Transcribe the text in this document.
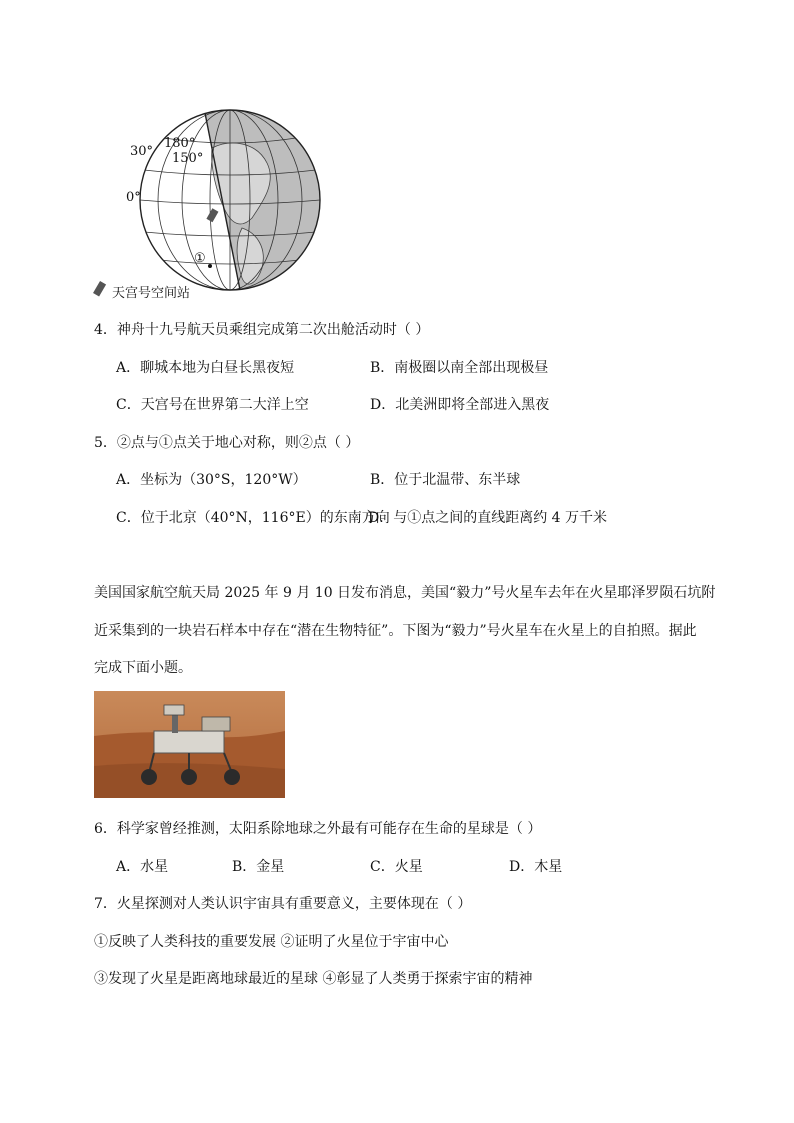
30°
180°
150°
0°
①
天宫号空间站
4．神舟十九号航天员乘组完成第二次出舱活动时（ ）
A．聊城本地为白昼长黑夜短	B．南极圈以南全部出现极昼
C．天宫号在世界第二大洋上空	D．北美洲即将全部进入黑夜
5．②点与①点关于地心对称，则②点（ ）
A．坐标为（30°S，120°W）	B．位于北温带、东半球
C．位于北京（40°N，116°E）的东南方向
D．与①点之间的直线距离约 4 万千米
美国国家航空航天局 2025 年 9 月 10 日发布消息，美国“毅力”号火星车去年在火星耶泽罗陨石坑附
近采集到的一块岩石样本中存在“潜在生物特征”。下图为“毅力”号火星车在火星上的自拍照。据此
完成下面小题。
6．科学家曾经推测，太阳系除地球之外最有可能存在生命的星球是（ ）
A．水星	B．金星	C．火星	D．木星
7．火星探测对人类认识宇宙具有重要意义，主要体现在（ ）
①反映了人类科技的重要发展 ②证明了火星位于宇宙中心
③发现了火星是距离地球最近的星球 ④彰显了人类勇于探索宇宙的精神
